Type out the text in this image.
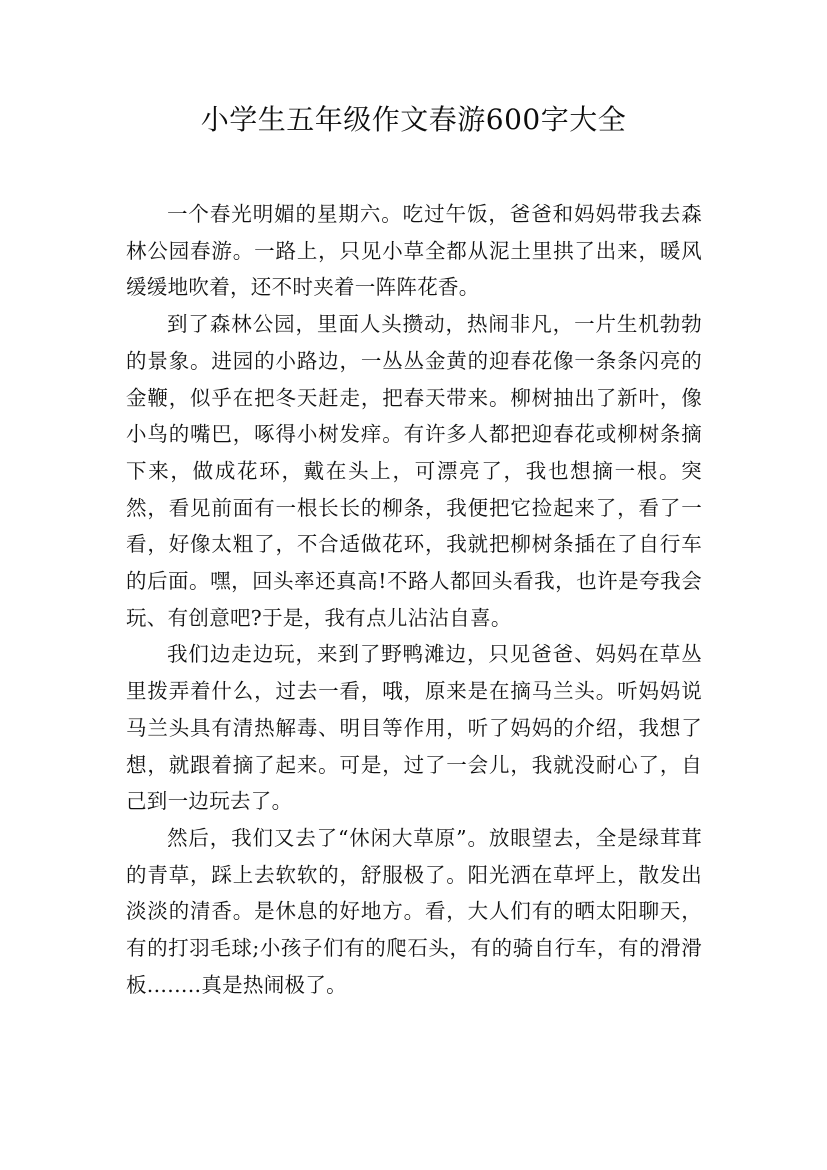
小学生五年级作文春游600字大全

一个春光明媚的星期六。吃过午饭，爸爸和妈妈带我去森林公园春游。一路上，只见小草全都从泥土里拱了出来，暖风缓缓地吹着，还不时夹着一阵阵花香。

到了森林公园，里面人头攒动，热闹非凡，一片生机勃勃的景象。进园的小路边，一丛丛金黄的迎春花像一条条闪亮的金鞭，似乎在把冬天赶走，把春天带来。柳树抽出了新叶，像小鸟的嘴巴，啄得小树发痒。有许多人都把迎春花或柳树条摘下来，做成花环，戴在头上，可漂亮了，我也想摘一根。突然，看见前面有一根长长的柳条，我便把它捡起来了，看了一看，好像太粗了，不合适做花环，我就把柳树条插在了自行车的后面。嘿，回头率还真高!不路人都回头看我，也许是夸我会玩、有创意吧?于是，我有点儿沾沾自喜。

我们边走边玩，来到了野鸭滩边，只见爸爸、妈妈在草丛里拨弄着什么，过去一看，哦，原来是在摘马兰头。听妈妈说马兰头具有清热解毒、明目等作用，听了妈妈的介绍，我想了想，就跟着摘了起来。可是，过了一会儿，我就没耐心了，自己到一边玩去了。

然后，我们又去了“休闲大草原”。放眼望去，全是绿茸茸的青草，踩上去软软的，舒服极了。阳光洒在草坪上，散发出淡淡的清香。是休息的好地方。看，大人们有的晒太阳聊天，有的打羽毛球;小孩子们有的爬石头，有的骑自行车，有的滑滑板........真是热闹极了。
